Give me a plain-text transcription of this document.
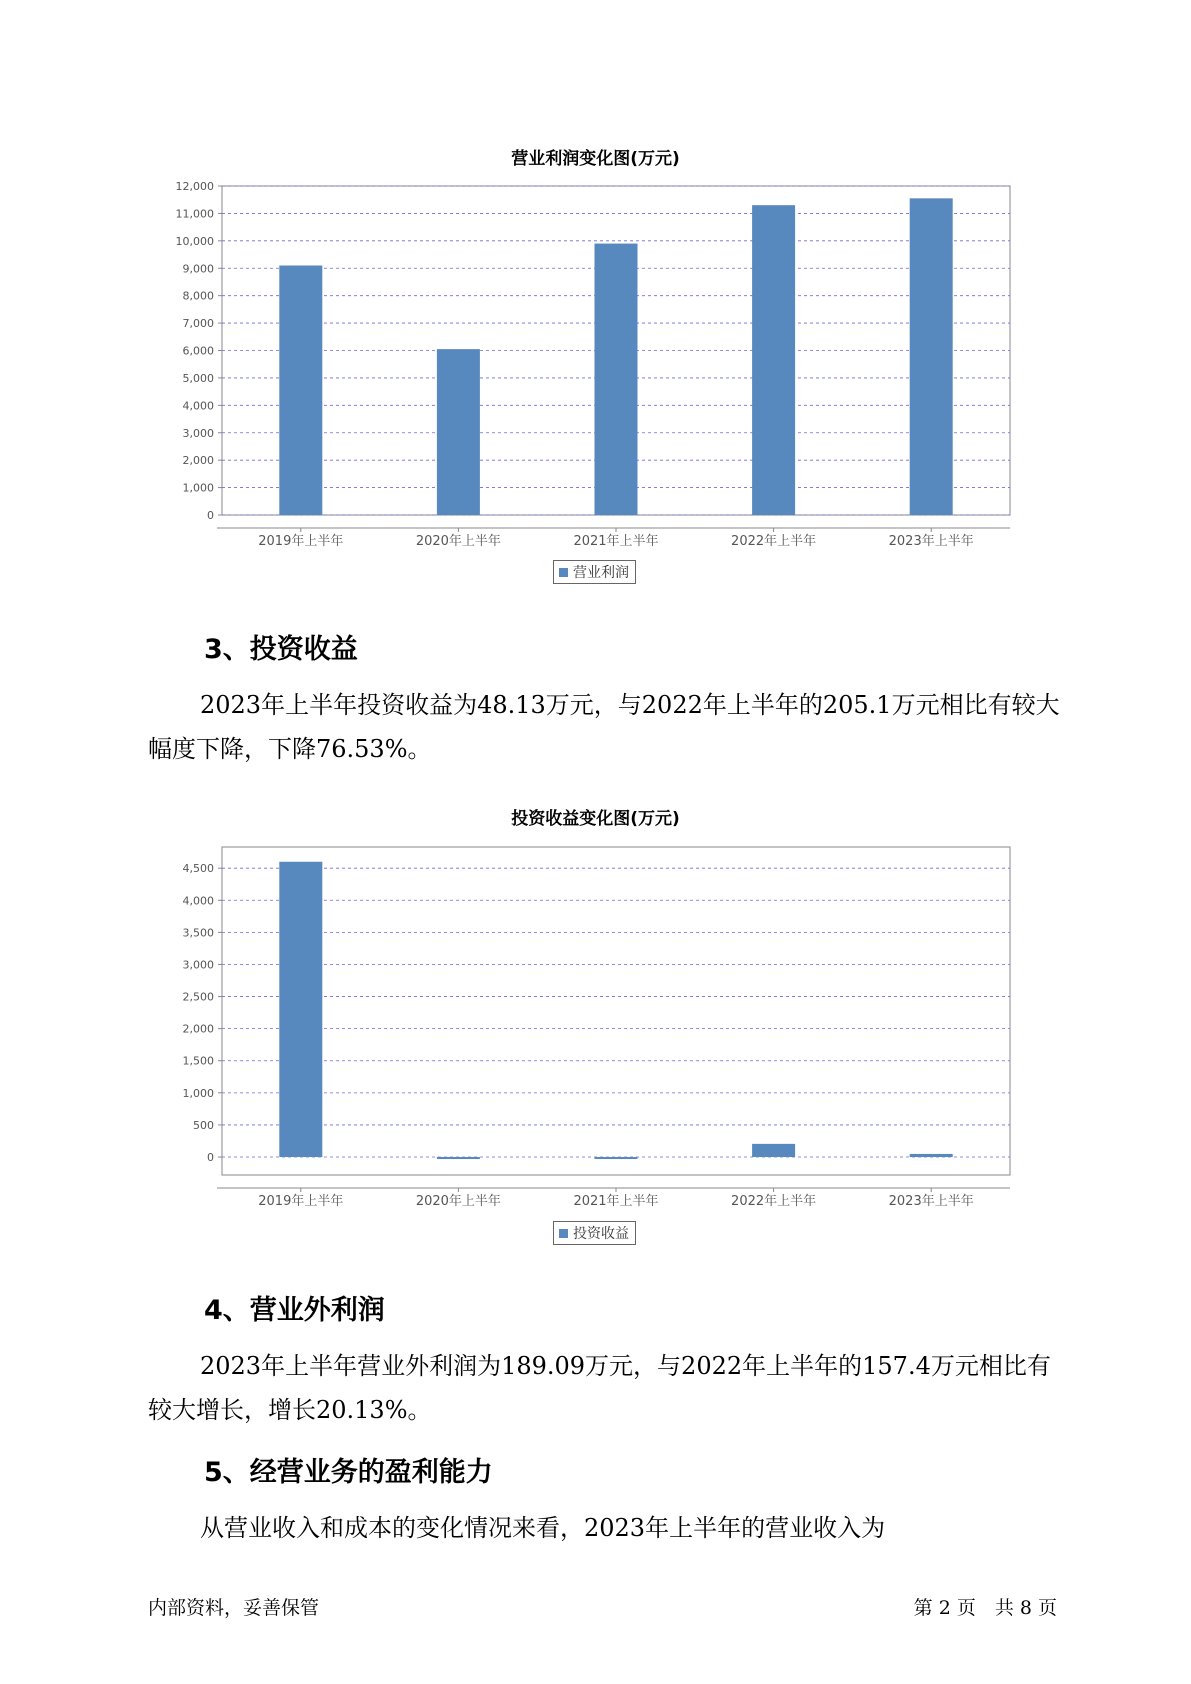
营业利润变化图(万元)
0
1,000
2,000
3,000
4,000
5,000
6,000
7,000
8,000
9,000
10,000
11,000
12,000
2019年上半年	2020年上半年	2021年上半年	2022年上半年	2023年上半年
营业利润
3、投资收益

2023年上半年投资收益为48.13万元，与2022年上半年的205.1万元相比有较大幅度下降，下降76.53%。

投资收益变化图(万元)
0
500
1,000
1,500
2,000
2,500
3,000
3,500
4,000
4,500
2019年上半年	2020年上半年	2021年上半年	2022年上半年	2023年上半年
投资收益
4、营业外利润

2023年上半年营业外利润为189.09万元，与2022年上半年的157.4万元相比有较大增长，增长20.13%。

5、经营业务的盈利能力

从营业收入和成本的变化情况来看，2023年上半年的营业收入为

内部资料，妥善保管	第 2 页　共 8 页
